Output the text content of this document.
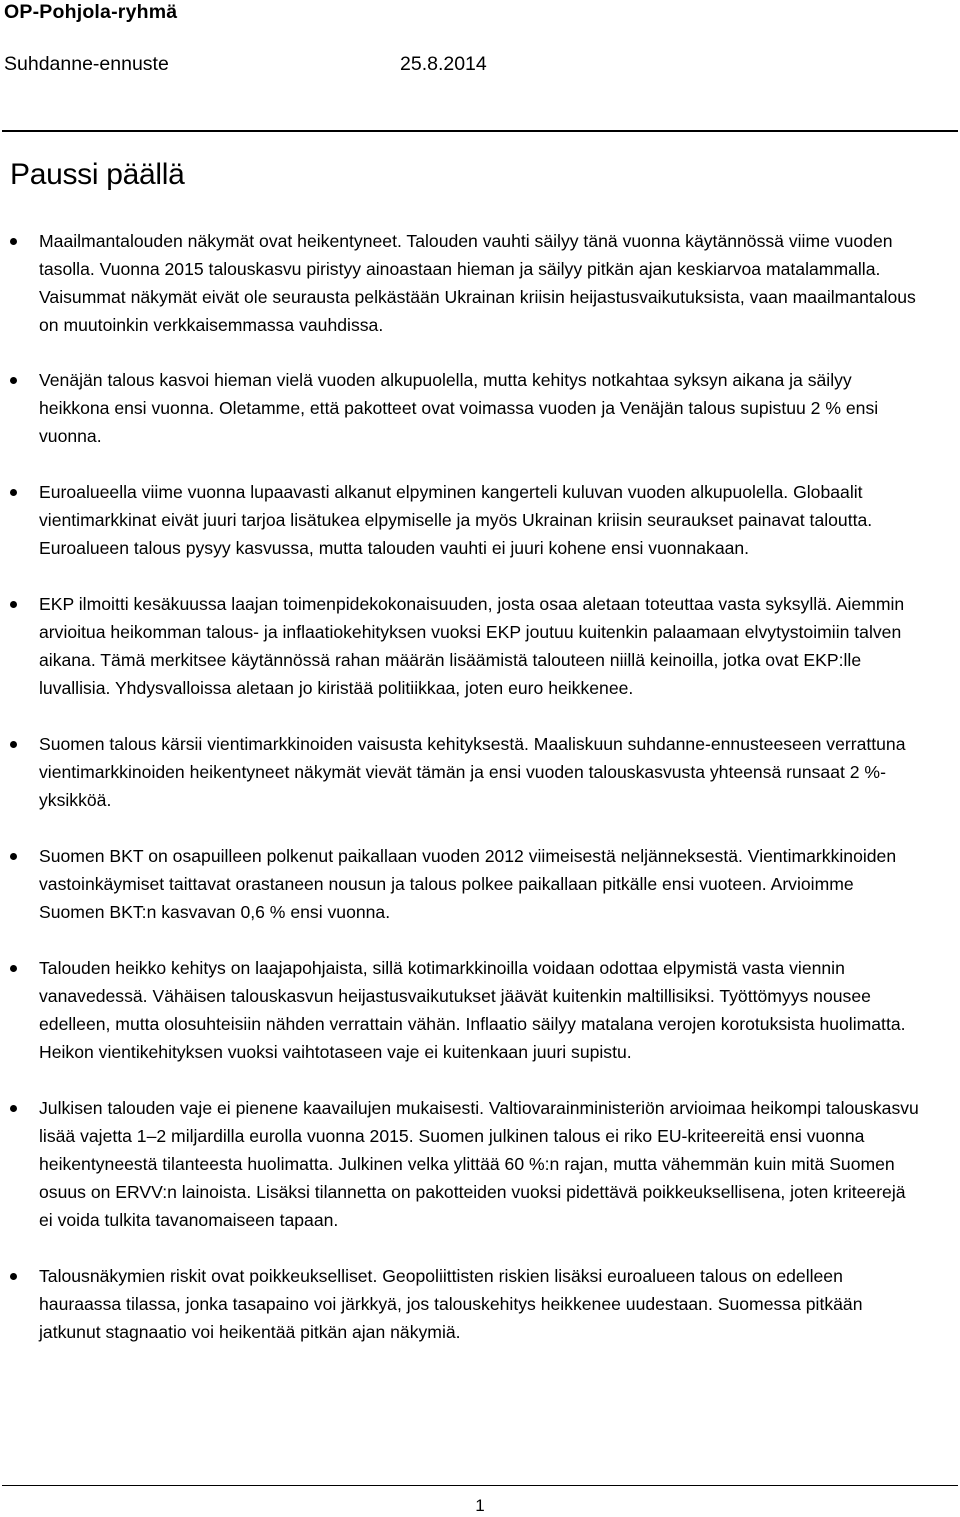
OP-Pohjola-ryhmä
Suhdanne-ennuste	25.8.2014
Paussi päällä
Maailmantalouden näkymät ovat heikentyneet. Talouden vauhti säilyy tänä vuonna käytännössä viime vuoden tasolla. Vuonna 2015 talouskasvu piristyy ainoastaan hieman ja säilyy pitkän ajan keskiarvoa matalammalla. Vaisummat näkymät eivät ole seurausta pelkästään Ukrainan kriisin heijastusvaikutuksista, vaan maailmantalous on muutoinkin verkkaisemmassa vauhdissa.
Venäjän talous kasvoi hieman vielä vuoden alkupuolella, mutta kehitys notkahtaa syksyn aikana ja säilyy heikkona ensi vuonna. Oletamme, että pakotteet ovat voimassa vuoden ja Venäjän talous supistuu 2 % ensi vuonna.
Euroalueella viime vuonna lupaavasti alkanut elpyminen kangerteli kuluvan vuoden alkupuolella. Globaalit vientimarkkinat eivät juuri tarjoa lisätukea elpymiselle ja myös Ukrainan kriisin seuraukset painavat taloutta. Euroalueen talous pysyy kasvussa, mutta talouden vauhti ei juuri kohene ensi vuonnakaan.
EKP ilmoitti kesäkuussa laajan toimenpidekokonaisuuden, josta osaa aletaan toteuttaa vasta syksyllä. Aiemmin arvioitua heikomman talous- ja inflaatiokehityksen vuoksi EKP joutuu kuitenkin palaamaan elvytystoimiin talven aikana. Tämä merkitsee käytännössä rahan määrän lisäämistä talouteen niillä keinoilla, jotka ovat EKP:lle luvallisia. Yhdysvalloissa aletaan jo kiristää politiikkaa, joten euro heikkenee.
Suomen talous kärsii vientimarkkinoiden vaisusta kehityksestä. Maaliskuun suhdanne-ennusteeseen verrattuna vientimarkkinoiden heikentyneet näkymät vievät tämän ja ensi vuoden talouskasvusta yhteensä runsaat 2 %-yksikköä.
Suomen BKT on osapuilleen polkenut paikallaan vuoden 2012 viimeisestä neljänneksestä. Vientimarkkinoiden vastoinkäymiset taittavat orastaneen nousun ja talous polkee paikallaan pitkälle ensi vuoteen. Arvioimme Suomen BKT:n kasvavan 0,6 % ensi vuonna.
Talouden heikko kehitys on laajapohjaista, sillä kotimarkkinoilla voidaan odottaa elpymistä vasta viennin vanavedessä. Vähäisen talouskasvun heijastusvaikutukset jäävät kuitenkin maltillisiksi. Työttömyys nousee edelleen, mutta olosuhteisiin nähden verrattain vähän. Inflaatio säilyy matalana verojen korotuksista huolimatta. Heikon vientikehityksen vuoksi vaihtotaseen vaje ei kuitenkaan juuri supistu.
Julkisen talouden vaje ei pienene kaavailujen mukaisesti. Valtiovarainministeriön arvioimaa heikompi talouskasvu lisää vajetta 1–2 miljardilla eurolla vuonna 2015. Suomen julkinen talous ei riko EU-kriteereitä ensi vuonna heikentyneestä tilanteesta huolimatta. Julkinen velka ylittää 60 %:n rajan, mutta vähemmän kuin mitä Suomen osuus on ERVV:n lainoista. Lisäksi tilannetta on pakotteiden vuoksi pidettävä poikkeuksellisena, joten kriteerejä ei voida tulkita tavanomaiseen tapaan.
Talousnäkymien riskit ovat poikkeukselliset. Geopoliittisten riskien lisäksi euroalueen talous on edelleen hauraassa tilassa, jonka tasapaino voi järkkyä, jos talouskehitys heikkenee uudestaan. Suomessa pitkään jatkunut stagnaatio voi heikentää pitkän ajan näkymiä.
1
